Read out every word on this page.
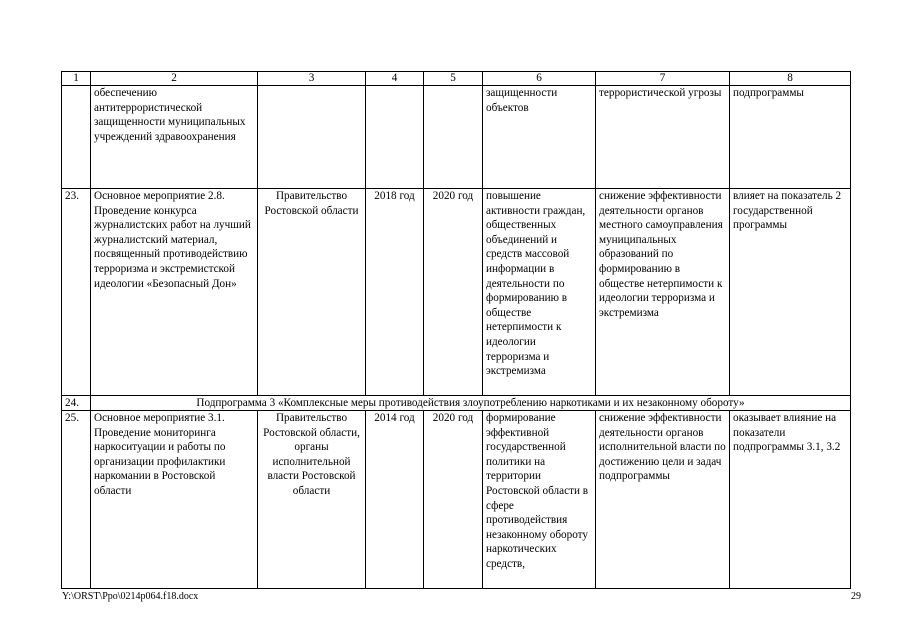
1	2	3	4	5	6	7	8
	обеспечению антитеррористической защищенности муниципальных учреждений здравоохранения				защищенности объектов	террористической угрозы	подпрограммы
23.	Основное мероприятие 2.8. Проведение конкурса журналистских работ на лучший журналистский материал, посвященный противодействию терроризма и экстремистской идеологии «Безопасный Дон»	Правительство Ростовской области	2018 год	2020 год	повышение активности граждан, общественных объединений и средств массовой информации в деятельности по формированию в обществе нетерпимости к идеологии терроризма и экстремизма	снижение эффективности деятельности органов местного самоуправления муниципальных образований по формированию в обществе нетерпимости к идеологии терроризма и экстремизма	влияет на показатель 2 государственной программы
24.	Подпрограмма 3 «Комплексные меры противодействия злоупотреблению наркотиками и их незаконному обороту»						
25.	Основное мероприятие 3.1. Проведение мониторинга наркоситуации и работы по организации профилактики наркомании в Ростовской области	Правительство Ростовской области, органы исполнительной власти Ростовской области	2014 год	2020 год	формирование эффективной государственной политики на территории Ростовской области в сфере противодействия незаконному обороту наркотических средств,	снижение эффективности деятельности органов исполнительной власти по достижению цели и задач подпрограммы	оказывает влияние на показатели подпрограммы 3.1, 3.2
Y:\ORST\Ppo\0214p064.f18.docx	29
